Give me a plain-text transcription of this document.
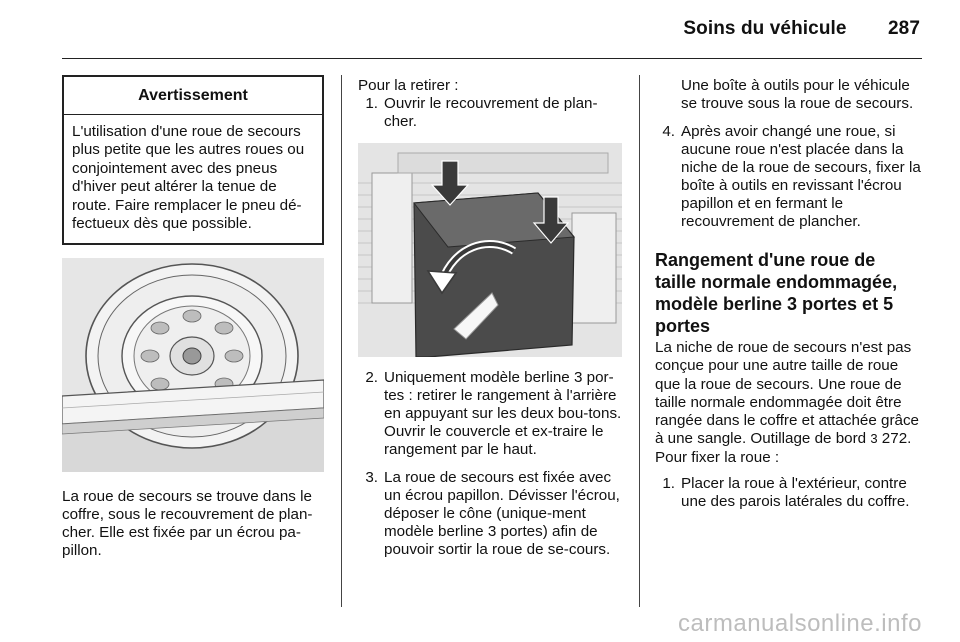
Soins du véhicule 287
Avertissement
L'utilisation d'une roue de secours plus petite que les autres roues ou conjointement avec des pneus d'hiver peut altérer la tenue de route. Faire remplacer le pneu dé-fectueux dès que possible.
La roue de secours se trouve dans le coffre, sous le recouvrement de plan-cher. Elle est fixée par un écrou pa-pillon.
Pour la retirer :
1. Ouvrir le recouvrement de plan-cher.
2. Uniquement modèle berline 3 por-tes : retirer le rangement à l'arrière en appuyant sur les deux bou-tons. Ouvrir le couvercle et ex-traire le rangement par le haut.
3. La roue de secours est fixée avec un écrou papillon. Dévisser l'écrou, déposer le cône (unique-ment modèle berline 3 portes) afin de pouvoir sortir la roue de se-cours.
Une boîte à outils pour le véhicule se trouve sous la roue de secours.
4. Après avoir changé une roue, si aucune roue n'est placée dans la niche de la roue de secours, fixer la boîte à outils en revissant l'écrou papillon et en fermant le recouvrement de plancher.
Rangement d'une roue de taille normale endommagée, modèle berline 3 portes et 5 portes
La niche de roue de secours n'est pas conçue pour une autre taille de roue que la roue de secours. Une roue de taille normale endommagée doit être rangée dans le coffre et attachée grâce à une sangle. Outillage de bord 3 272. Pour fixer la roue :
1. Placer la roue à l'extérieur, contre une des parois latérales du coffre.
carmanualsonline.info
